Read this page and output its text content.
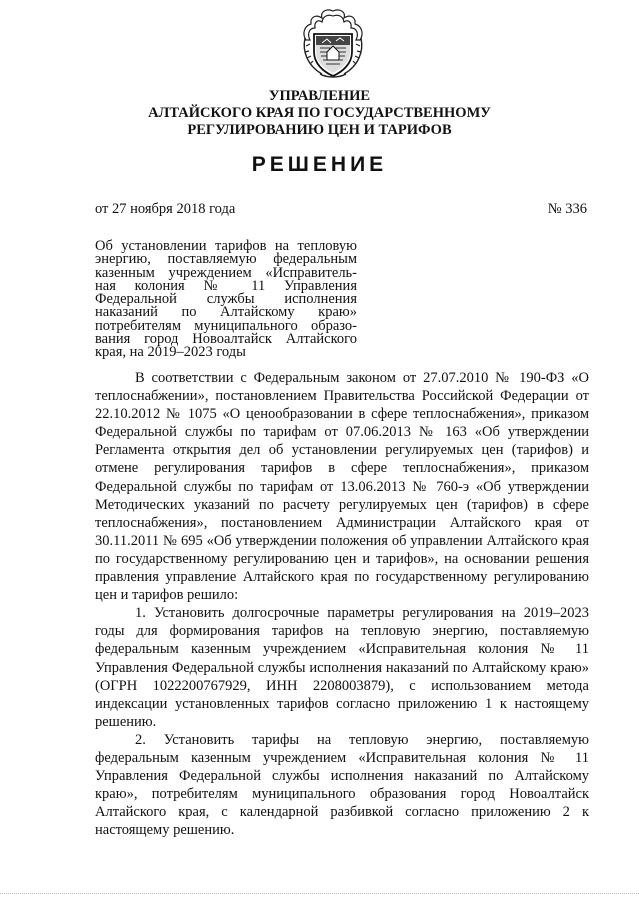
УПРАВЛЕНИЕ
АЛТАЙСКОГО КРАЯ ПО ГОСУДАРСТВЕННОМУ
РЕГУЛИРОВАНИЮ ЦЕН И ТАРИФОВ
РЕШЕНИЕ
от 27 ноября 2018 года	№ 336
Об установлении тарифов на тепловую энергию, поставляемую федеральным казенным учреждением «Исправитель-ная колония № 11 Управления Федеральной службы исполнения наказаний по Алтайскому краю» потребителям муниципального образо-вания город Новоалтайск Алтайского края, на 2019–2023 годы

В соответствии с Федеральным законом от 27.07.2010 № 190-ФЗ «О теплоснабжении», постановлением Правительства Российской Федерации от 22.10.2012 № 1075 «О ценообразовании в сфере теплоснабжения», приказом Федеральной службы по тарифам от 07.06.2013 № 163 «Об утверждении Регламента открытия дел об установлении регулируемых цен (тарифов) и отмене регулирования тарифов в сфере теплоснабжения», приказом Федеральной службы по тарифам от 13.06.2013 № 760-э «Об утверждении Методических указаний по расчету регулируемых цен (тарифов) в сфере теплоснабжения», постановлением Администрации Алтайского края от 30.11.2011 № 695 «Об утверждении положения об управлении Алтайского края по государственному регулированию цен и тарифов», на основании решения правления управление Алтайского края по государственному регулированию цен и тарифов решило:

1. Установить долгосрочные параметры регулирования на 2019–2023 годы для формирования тарифов на тепловую энергию, поставляемую федеральным казенным учреждением «Исправительная колония № 11 Управления Федеральной службы исполнения наказаний по Алтайскому краю» (ОГРН 1022200767929, ИНН 2208003879), с использованием метода индексации установленных тарифов согласно приложению 1 к настоящему решению.

2. Установить тарифы на тепловую энергию, поставляемую федеральным казенным учреждением «Исправительная колония № 11 Управления Федеральной службы исполнения наказаний по Алтайскому краю», потребителям муниципального образования город Новоалтайск Алтайского края, с календарной разбивкой согласно приложению 2 к настоящему решению.
